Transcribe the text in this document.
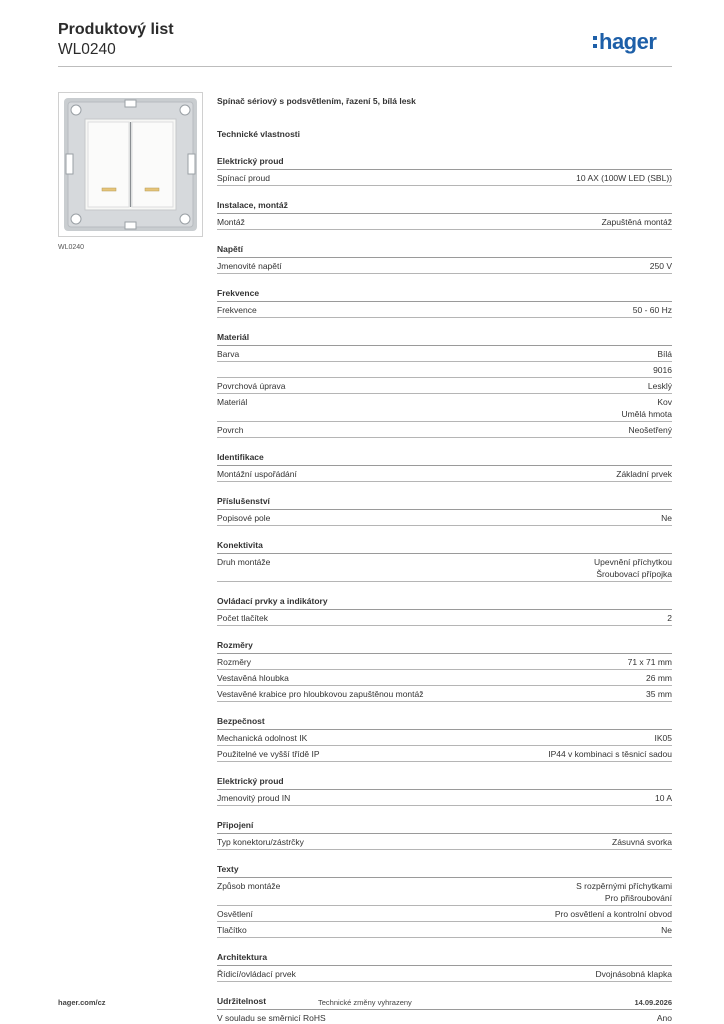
Produktový list
WL0240	hager
WL0240
Spínač sériový s podsvětlením, řazení 5, bílá lesk
Technické vlastnosti
Elektrický proud
Spínací proud	10 AX (100W LED (SBL))
Instalace, montáž
Montáž	Zapuštěná montáž
Napětí
Jmenovité napětí	250 V
Frekvence
Frekvence	50 - 60 Hz
Materiál
Barva	Bílá
9016
Povrchová úprava	Lesklý
Materiál	Kov
Umělá hmota
Povrch	Neošetřený
Identifikace
Montážní uspořádání	Základní prvek
Příslušenství
Popisové pole	Ne
Konektivita
Druh montáže	Upevnění příchytkou
Šroubovací přípojka
Ovládací prvky a indikátory
Počet tlačítek	2
Rozměry
Rozměry	71 x 71 mm
Vestavěná hloubka	26 mm
Vestavěné krabice pro hloubkovou zapuštěnou montáž	35 mm
Bezpečnost
Mechanická odolnost IK	IK05
Použitelné ve vyšší třídě IP	IP44 v kombinaci s těsnicí sadou
Elektrický proud
Jmenovitý proud IN	10 A
Připojení
Typ konektoru/zástrčky	Zásuvná svorka
Texty
Způsob montáže	S rozpěrnými příchytkami
Pro přišroubování
Osvětlení	Pro osvětlení a kontrolní obvod
Tlačítko	Ne
Architektura
Řídicí/ovládací prvek	Dvojnásobná klapka
Udržitelnost
V souladu se směrnicí RoHS	Ano
hager.com/cz	Technické změny vyhrazeny	14.09.2026
